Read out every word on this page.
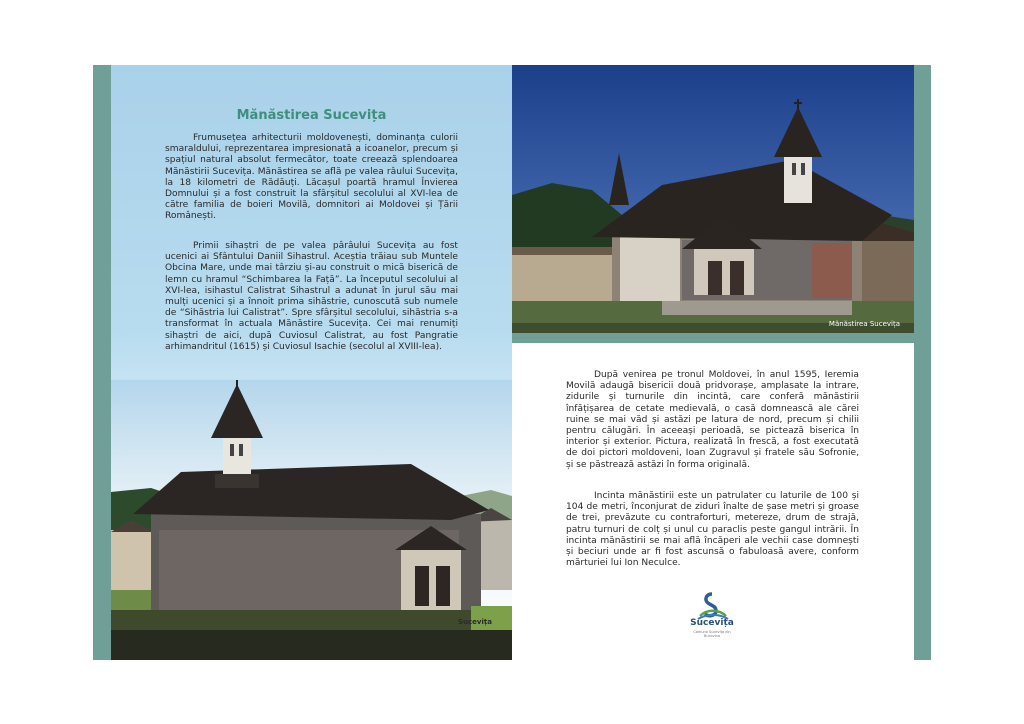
Mănăstirea Sucevița

Frumusețea arhitecturii moldovenești, dominanța culorii smaraldului, reprezentarea impresionată a icoanelor, precum și spațiul natural absolut fermecător, toate creează splendoarea Mănăstirii Sucevița. Mănăstirea se află pe valea râului Sucevița, la 18 kilometri de Rădăuți. Lăcașul poartă hramul Învierea Domnului și a fost construit la sfârșitul secolului al XVI-lea de către familia de boieri Movilă, domnitori ai Moldovei și Țării Românești.

Primii sihaștri de pe valea pârâului Sucevița au fost ucenici ai Sfântului Daniil Sihastrul. Aceștia trăiau sub Muntele Obcina Mare, unde mai târziu și-au construit o mică biserică de lemn cu hramul “Schimbarea la Față”. La începutul secolului al XVI-lea, isihastul Calistrat Sihastrul a adunat în jurul său mai mulți ucenici și a înnoit prima sihăstrie, cunoscută sub numele de “Sihăstria lui Calistrat”. Spre sfârșitul secolului, sihăstria s-a transformat în actuala Mănăstire Sucevița. Cei mai renumiți sihaștri de aici, după Cuviosul Calistrat, au fost Pangratie arhimandritul (1615) și Cuviosul Isachie (secolul al XVIII-lea).

Mănăstirea Sucevița

După venirea pe tronul Moldovei, în anul 1595, Ieremia Movilă adaugă bisericii două pridvorașe, amplasate la intrare, zidurile și turnurile din incintă, care conferă mănăstirii înfățișarea de cetate medievală, o casă domnească ale cărei ruine se mai văd și astăzi pe latura de nord, precum și chilii pentru călugări. În aceeași perioadă, se pictează biserica în interior și exterior. Pictura, realizată în frescă, a fost executată de doi pictori moldoveni, Ioan Zugravul și fratele său Sofronie, și se păstrează astăzi în forma originală.

Incinta mănăstirii este un patrulater cu laturile de 100 și 104 de metri, înconjurat de ziduri înalte de șase metri și groase de trei, prevăzute cu contraforturi, metereze, drum de strajă, patru turnuri de colț și unul cu paraclis peste gangul intrării. În incinta mănăstirii se mai află încăperi ale vechii case domnești și beciuri unde ar fi fost ascunsă o fabuloasă avere, conform mărturiei lui Ion Neculce.

Sucevița	Sucevița
Comuna Sucevița din Bucovina
